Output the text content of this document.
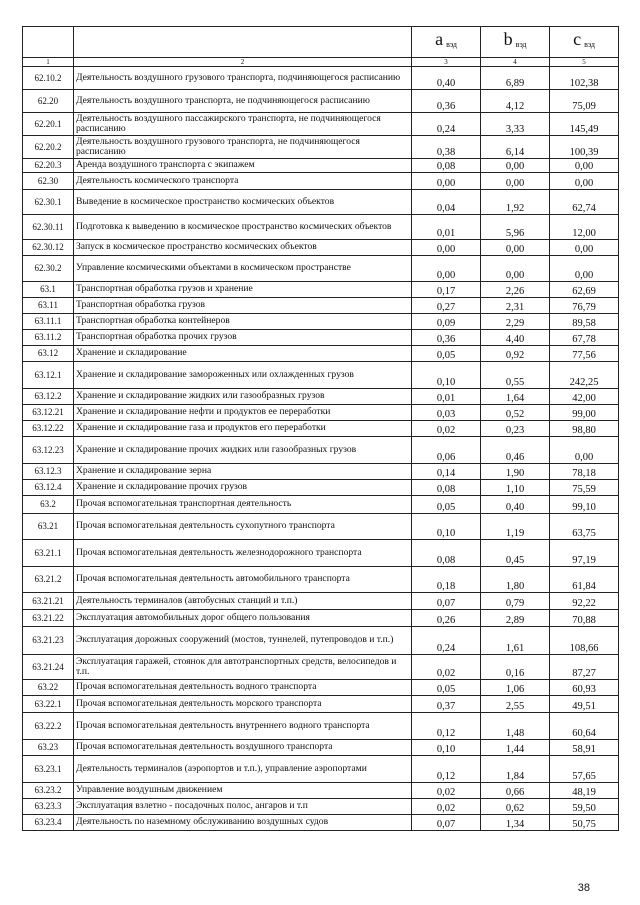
		a $_{вэд}$	b $_{вэд}$	c $_{вэд}$
1	2	3	4	5
62.10.2	Деятельность воздушного грузового транспорта, подчиняющегося расписанию	0,40	6,89	102,38
62.20	Деятельность воздушного транспорта, не подчиняющегося расписанию	0,36	4,12	75,09
62.20.1	Деятельность воздушного пассажирского транспорта, не подчиняющегося расписанию	0,24	3,33	145,49
62.20.2	Деятельность воздушного грузового транспорта, не подчиняющегося расписанию	0,38	6,14	100,39
62.20.3	Аренда воздушного транспорта с экипажем	0,08	0,00	0,00
62.30	Деятельность космического транспорта	0,00	0,00	0,00
62.30.1	Выведение в космическое пространство космических объектов	0,04	1,92	62,74
62.30.11	Подготовка к выведению в космическое пространство космических объектов	0,01	5,96	12,00
62.30.12	Запуск в космическое пространство космических объектов	0,00	0,00	0,00
62.30.2	Управление космическими объектами в космическом пространстве	0,00	0,00	0,00
63.1	Транспортная обработка грузов и хранение	0,17	2,26	62,69
63.11	Транспортная обработка грузов	0,27	2,31	76,79
63.11.1	Транспортная обработка контейнеров	0,09	2,29	89,58
63.11.2	Транспортная обработка прочих грузов	0,36	4,40	67,78
63.12	Хранение и складирование	0,05	0,92	77,56
63.12.1	Хранение и складирование замороженных или охлажденных грузов	0,10	0,55	242,25
63.12.2	Хранение и складирование жидких или газообразных грузов	0,01	1,64	42,00
63.12.21	Хранение и складирование нефти и продуктов ее переработки	0,03	0,52	99,00
63.12.22	Хранение и складирование газа и продуктов его переработки	0,02	0,23	98,80
63.12.23	Хранение и складирование прочих жидких или газообразных грузов	0,06	0,46	0,00
63.12.3	Хранение и складирование зерна	0,14	1,90	78,18
63.12.4	Хранение и складирование прочих грузов	0,08	1,10	75,59
63.2	Прочая вспомогательная транспортная деятельность	0,05	0,40	99,10
63.21	Прочая вспомогательная деятельность сухопутного транспорта	0,10	1,19	63,75
63.21.1	Прочая вспомогательная деятельность железнодорожного транспорта	0,08	0,45	97,19
63.21.2	Прочая вспомогательная деятельность автомобильного транспорта	0,18	1,80	61,84
63.21.21	Деятельность терминалов (автобусных станций и т.п.)	0,07	0,79	92,22
63.21.22	Эксплуатация автомобильных дорог общего пользования	0,26	2,89	70,88
63.21.23	Эксплуатация дорожных сооружений (мостов, туннелей, путепроводов и т.п.)	0,24	1,61	108,66
63.21.24	Эксплуатация гаражей, стоянок для автотранспортных средств, велосипедов и т.п.	0,02	0,16	87,27
63.22	Прочая вспомогательная деятельность водного транспорта	0,05	1,06	60,93
63.22.1	Прочая вспомогательная деятельность морского транспорта	0,37	2,55	49,51
63.22.2	Прочая вспомогательная деятельность внутреннего водного транспорта	0,12	1,48	60,64
63.23	Прочая вспомогательная деятельность воздушного транспорта	0,10	1,44	58,91
63.23.1	Деятельность терминалов (аэропортов и т.п.), управление аэропортами	0,12	1,84	57,65
63.23.2	Управление воздушным движением	0,02	0,66	48,19
63.23.3	Эксплуатация взлетно - посадочных полос, ангаров и т.п	0,02	0,62	59,50
63.23.4	Деятельность по наземному обслуживанию воздушных судов	0,07	1,34	50,75
38
